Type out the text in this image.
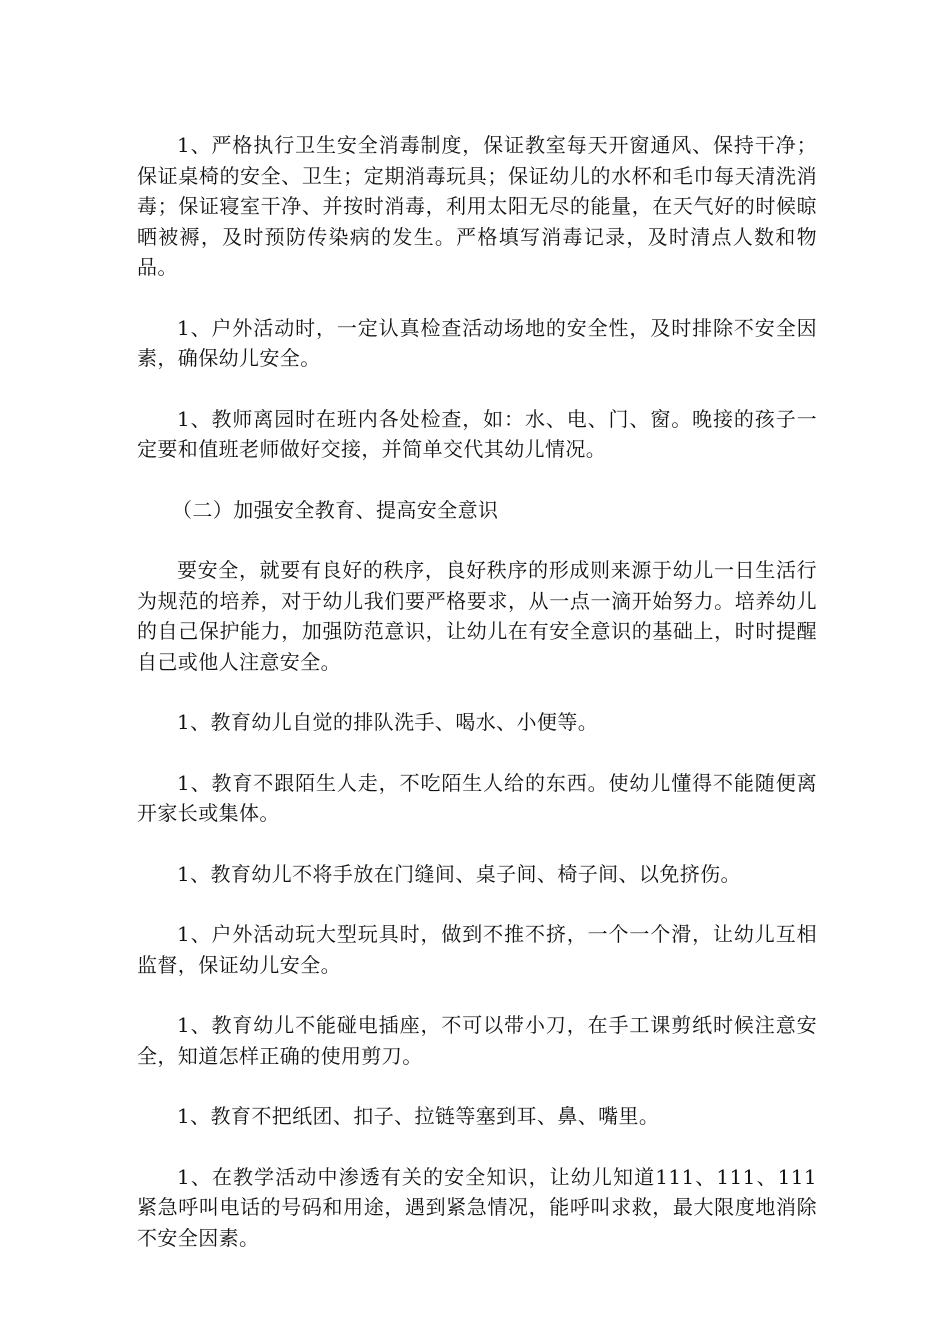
1、严格执行卫生安全消毒制度，保证教室每天开窗通风、保持干净；保证桌椅的安全、卫生；定期消毒玩具；保证幼儿的水杯和毛巾每天清洗消毒；保证寝室干净、并按时消毒，利用太阳无尽的能量，在天气好的时候晾晒被褥，及时预防传染病的发生。严格填写消毒记录，及时清点人数和物品。

1、户外活动时，一定认真检查活动场地的安全性，及时排除不安全因素，确保幼儿安全。

1、教师离园时在班内各处检查，如：水、电、门、窗。晚接的孩子一定要和值班老师做好交接，并简单交代其幼儿情况。

（二）加强安全教育、提高安全意识

要安全，就要有良好的秩序，良好秩序的形成则来源于幼儿一日生活行为规范的培养，对于幼儿我们要严格要求，从一点一滴开始努力。培养幼儿的自己保护能力，加强防范意识，让幼儿在有安全意识的基础上，时时提醒自己或他人注意安全。

1、教育幼儿自觉的排队洗手、喝水、小便等。

1、教育不跟陌生人走，不吃陌生人给的东西。使幼儿懂得不能随便离开家长或集体。

1、教育幼儿不将手放在门缝间、桌子间、椅子间、以免挤伤。

1、户外活动玩大型玩具时，做到不推不挤，一个一个滑，让幼儿互相监督，保证幼儿安全。

1、教育幼儿不能碰电插座，不可以带小刀，在手工课剪纸时候注意安全，知道怎样正确的使用剪刀。

1、教育不把纸团、扣子、拉链等塞到耳、鼻、嘴里。

1、在教学活动中渗透有关的安全知识，让幼儿知道111、111、111紧急呼叫电话的号码和用途，遇到紧急情况，能呼叫求救，最大限度地消除不安全因素。
